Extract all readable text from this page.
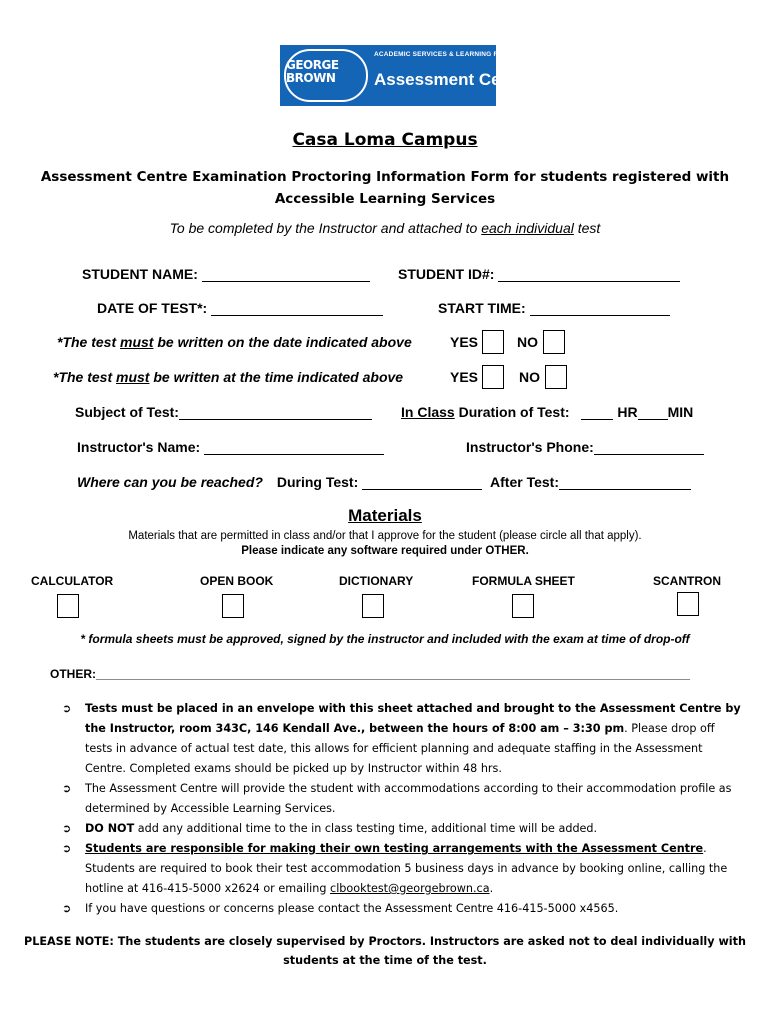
GEORGE BROWN
ACADEMIC SERVICES & LEARNING RESOURCES
Assessment Centre
Casa Loma Campus
Assessment Centre Examination Proctoring Information Form for students registered with
Accessible Learning Services
To be completed by the Instructor and attached to each individual test
STUDENT NAME:	STUDENT ID#:
DATE OF TEST*:	START TIME:
*The test must be written on the date indicated above	YES	NO
*The test must be written at the time indicated above	YES	NO
Subject of Test:	In Class Duration of Test:	HR MIN
Instructor's Name:	Instructor's Phone:
Where can you be reached? During Test:	After Test:
Materials
Materials that are permitted in class and/or that I approve for the student (please circle all that apply).
Please indicate any software required under OTHER.
CALCULATOR	OPEN BOOK	DICTIONARY	FORMULA SHEET	SCANTRON
* formula sheets must be approved, signed by the instructor and included with the exam at time of drop-off
OTHER:_________________________________________________________________________________________
➲ Tests must be placed in an envelope with this sheet attached and brought to the Assessment Centre by the Instructor, room 343C, 146 Kendall Ave., between the hours of 8:00 am – 3:30 pm. Please drop off tests in advance of actual test date, this allows for efficient planning and adequate staffing in the Assessment Centre. Completed exams should be picked up by Instructor within 48 hrs.
➲ The Assessment Centre will provide the student with accommodations according to their accommodation profile as determined by Accessible Learning Services.
➲ DO NOT add any additional time to the in class testing time, additional time will be added.
➲ Students are responsible for making their own testing arrangements with the Assessment Centre. Students are required to book their test accommodation 5 business days in advance by booking online, calling the hotline at 416-415-5000 x2624 or emailing clbooktest@georgebrown.ca.
➲ If you have questions or concerns please contact the Assessment Centre 416-415-5000 x4565.
PLEASE NOTE: The students are closely supervised by Proctors. Instructors are asked not to deal individually with
students at the time of the test.
